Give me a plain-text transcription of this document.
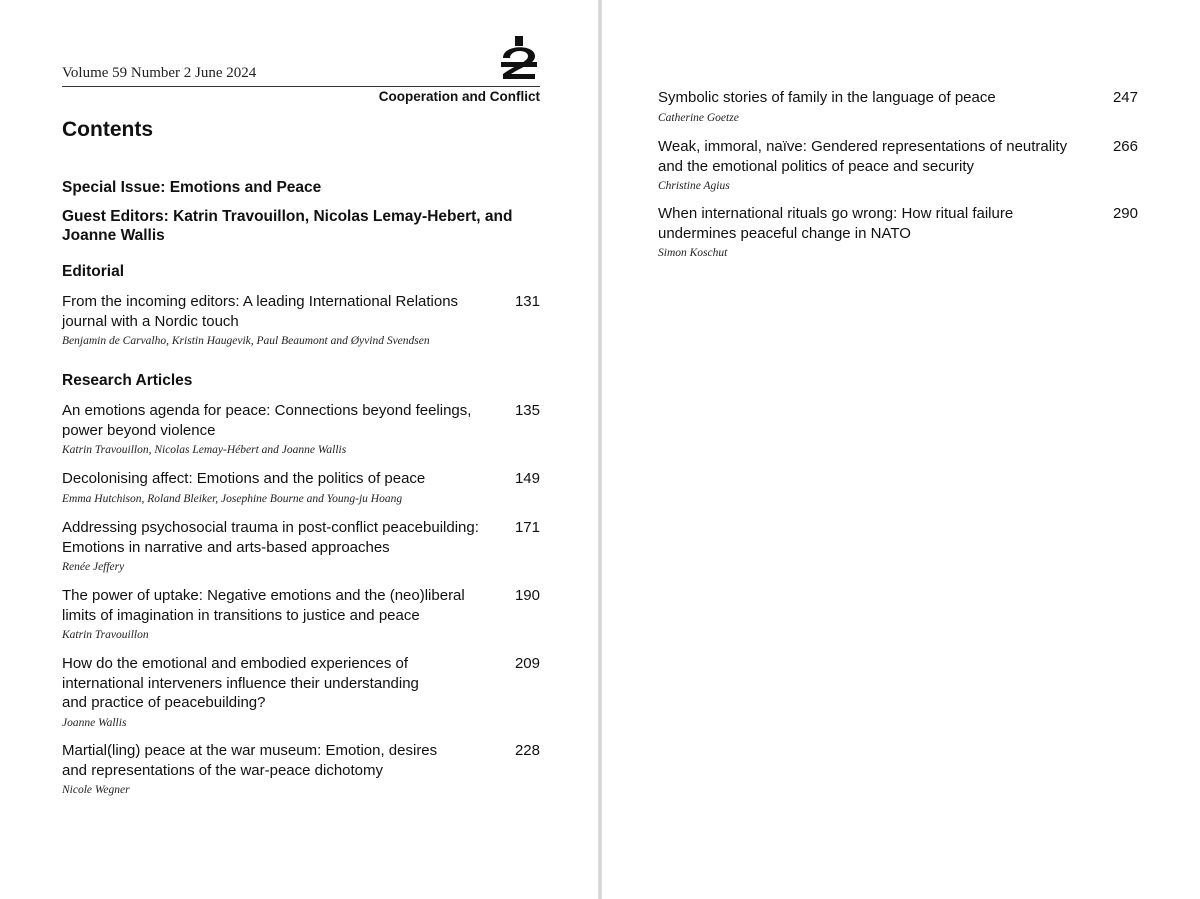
Volume 59 Number 2 June 2024
Cooperation and Conflict
Contents
Special Issue: Emotions and Peace
Guest Editors: Katrin Travouillon, Nicolas Lemay-Hebert, and Joanne Wallis
Editorial
From the incoming editors: A leading International Relations journal with a Nordic touch
Benjamin de Carvalho, Kristin Haugevik, Paul Beaumont and Øyvind Svendsen
131
Research Articles
An emotions agenda for peace: Connections beyond feelings, power beyond violence
Katrin Travouillon, Nicolas Lemay-Hébert and Joanne Wallis
135
Decolonising affect: Emotions and the politics of peace
Emma Hutchison, Roland Bleiker, Josephine Bourne and Young-ju Hoang
149
Addressing psychosocial trauma in post-conflict peacebuilding: Emotions in narrative and arts-based approaches
Renée Jeffery
171
The power of uptake: Negative emotions and the (neo)liberal limits of imagination in transitions to justice and peace
Katrin Travouillon
190
How do the emotional and embodied experiences of international interveners influence their understanding and practice of peacebuilding?
Joanne Wallis
209
Martial(ling) peace at the war museum: Emotion, desires and representations of the war-peace dichotomy
Nicole Wegner
228
Symbolic stories of family in the language of peace
Catherine Goetze
247
Weak, immoral, naïve: Gendered representations of neutrality and the emotional politics of peace and security
Christine Agius
266
When international rituals go wrong: How ritual failure undermines peaceful change in NATO
Simon Koschut
290
